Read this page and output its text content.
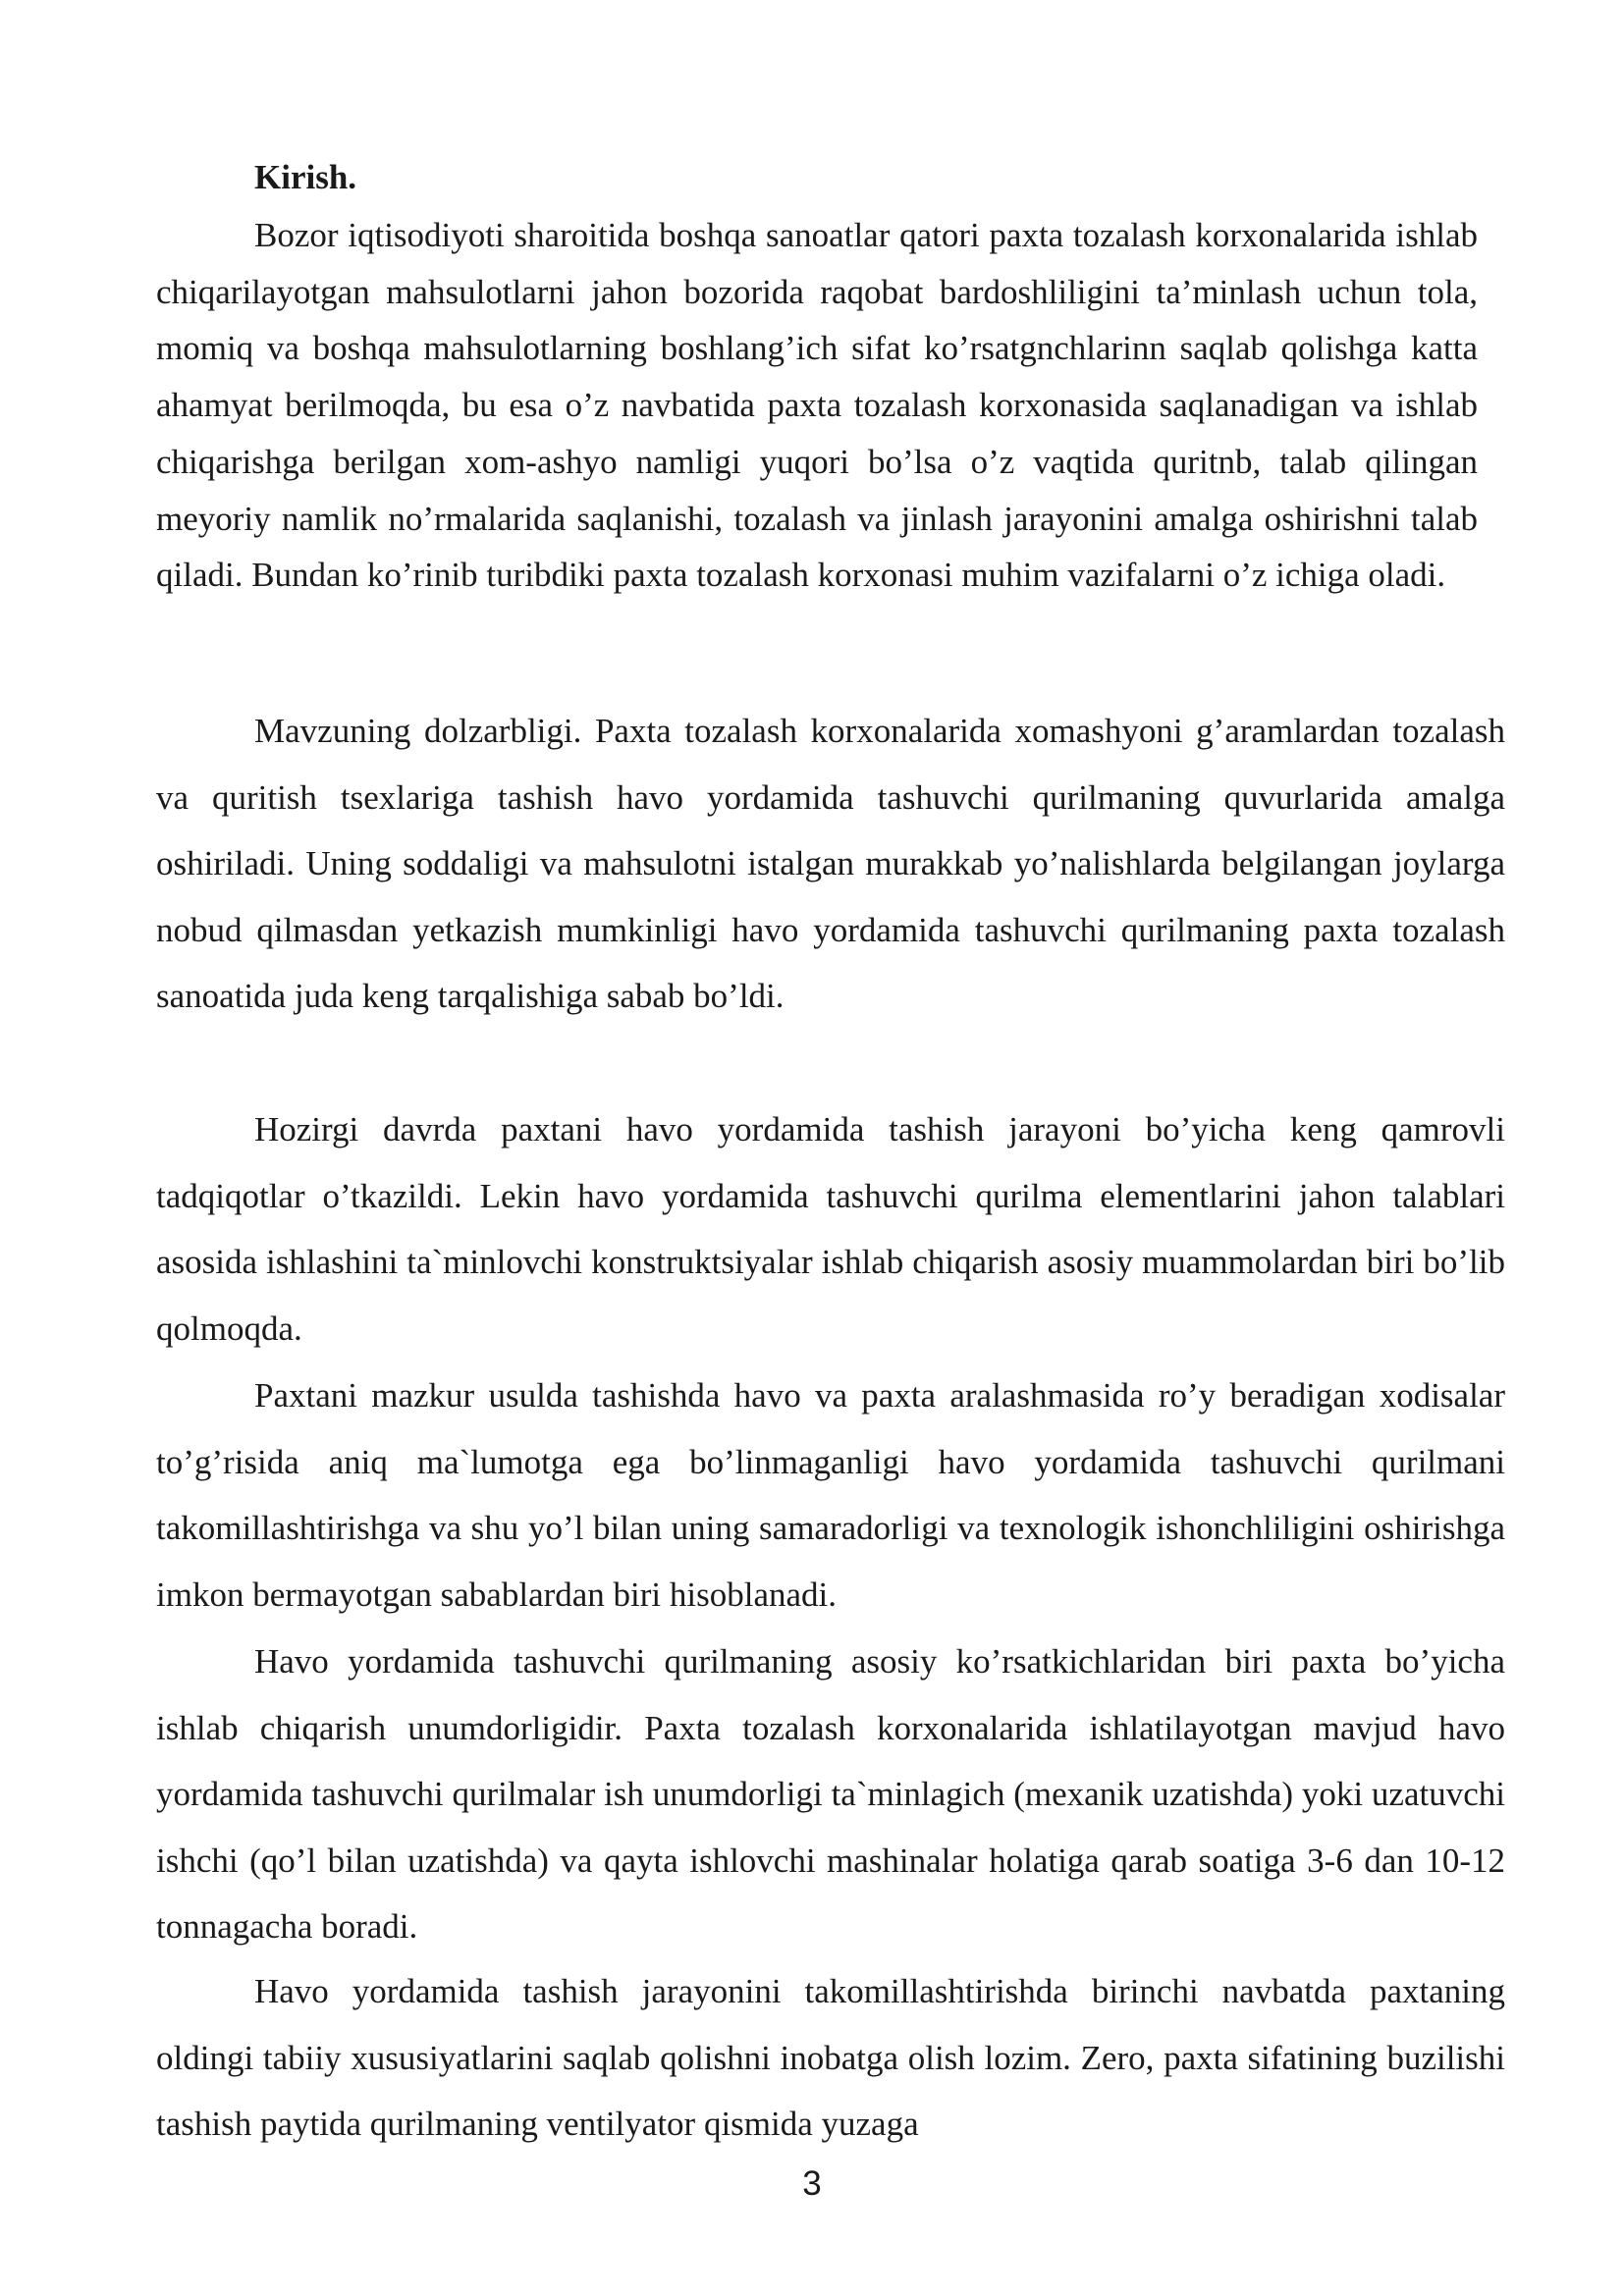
Kirish.

Bozor iqtisodiyoti sharoitida boshqa sanoatlar qatori paxta tozalash korxonalarida ishlab chiqarilayotgan mahsulotlarni jahon bozorida raqobat bardoshliligini ta’minlash uchun tola, momiq va boshqa mahsulotlarning boshlang’ich sifat ko’rsatgnchlarinn saqlab qolishga katta ahamyat berilmoqda, bu esa o’z navbatida paxta tozalash korxonasida saqlanadigan va ishlab chiqarishga berilgan xom-ashyo namligi yuqori bo’lsa o’z vaqtida quritnb, talab qilingan meyoriy namlik no’rmalarida saqlanishi, tozalash va jinlash jarayonini amalga oshirishni talab qiladi. Bundan ko’rinib turibdiki paxta tozalash korxonasi muhim vazifalarni o’z ichiga oladi.

Mavzuning dolzarbligi. Paxta tozalash korxonalarida xomashyoni g’aramlardan tozalash va quritish tsexlariga tashish havo yordamida tashuvchi qurilmaning quvurlarida amalga oshiriladi. Uning soddaligi va mahsulotni istalgan murakkab yo’nalishlarda belgilangan joylarga nobud qilmasdan yetkazish mumkinligi havo yordamida tashuvchi qurilmaning paxta tozalash sanoatida juda keng tarqalishiga sabab bo’ldi.

Hozirgi davrda paxtani havo yordamida tashish jarayoni bo’yicha keng qamrovli tadqiqotlar o’tkazildi. Lekin havo yordamida tashuvchi qurilma elementlarini jahon talablari asosida ishlashini ta`minlovchi konstruktsiyalar ishlab chiqarish asosiy muammolardan biri bo’lib qolmoqda.

Paxtani mazkur usulda tashishda havo va paxta aralashmasida ro’y beradigan xodisalar to’g’risida aniq ma`lumotga ega bo’linmaganligi havo yordamida tashuvchi qurilmani takomillashtirishga va shu yo’l bilan uning samaradorligi va texnologik ishonchliligini oshirishga imkon bermayotgan sabablardan biri hisoblanadi.

Havo yordamida tashuvchi qurilmaning asosiy ko’rsatkichlaridan biri paxta bo’yicha ishlab chiqarish unumdorligidir. Paxta tozalash korxonalarida ishlatilayotgan mavjud havo yordamida tashuvchi qurilmalar ish unumdorligi ta`minlagich (mexanik uzatishda) yoki uzatuvchi ishchi (qo’l bilan uzatishda) va qayta ishlovchi mashinalar holatiga qarab soatiga 3-6 dan 10-12 tonnagacha boradi.

Havo yordamida tashish jarayonini takomillashtirishda birinchi navbatda paxtaning oldingi tabiiy xususiyatlarini saqlab qolishni inobatga olish lozim. Zero, paxta sifatining buzilishi tashish paytida qurilmaning ventilyator qismida yuzaga

3
